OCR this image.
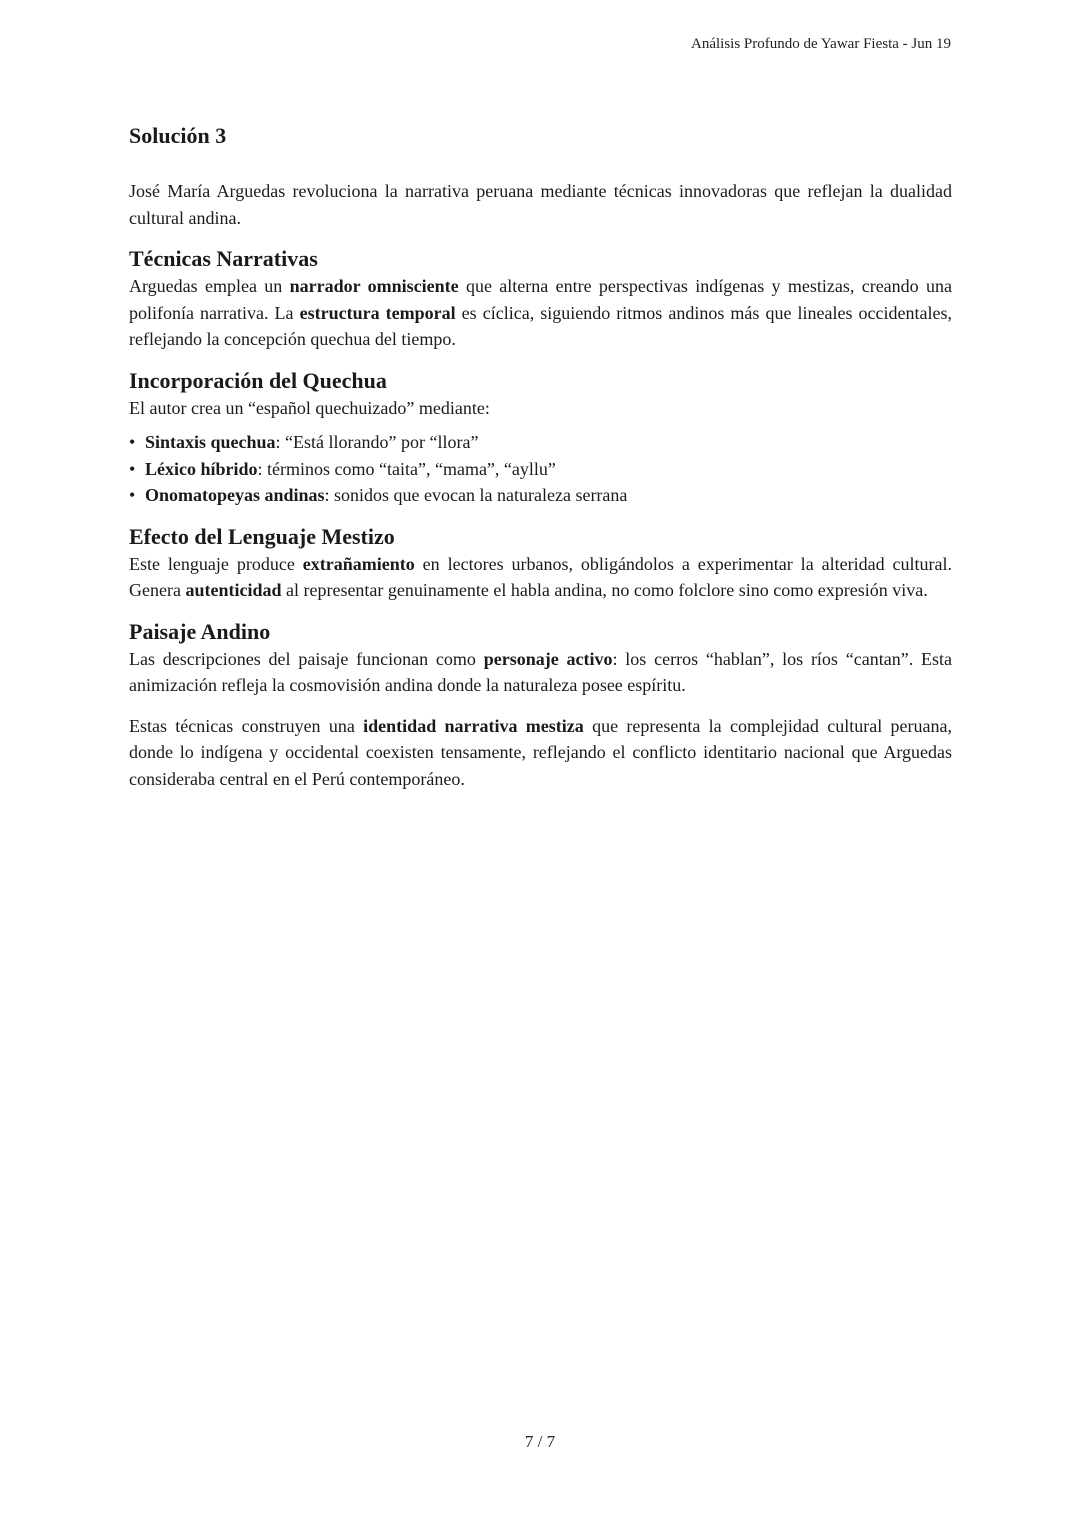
Análisis Profundo de Yawar Fiesta - Jun 19
Solución 3

José María Arguedas revoluciona la narrativa peruana mediante técnicas innovadoras que reflejan la dualidad cultural andina.

Técnicas Narrativas

Arguedas emplea un narrador omnisciente que alterna entre perspectivas indígenas y mestizas, creando una polifonía narrativa. La estructura temporal es cíclica, siguiendo ritmos andinos más que lineales occidentales, reflejando la concepción quechua del tiempo.

Incorporación del Quechua

El autor crea un “español quechuizado” mediante:

• Sintaxis quechua: “Está llorando” por “llora”
• Léxico híbrido: términos como “taita”, “mama”, “ayllu”
• Onomatopeyas andinas: sonidos que evocan la naturaleza serrana
Efecto del Lenguaje Mestizo

Este lenguaje produce extrañamiento en lectores urbanos, obligándolos a experimentar la alteridad cultural. Genera autenticidad al representar genuinamente el habla andina, no como folclore sino como expresión viva.

Paisaje Andino

Las descripciones del paisaje funcionan como personaje activo: los cerros “hablan”, los ríos “cantan”. Esta animización refleja la cosmovisión andina donde la naturaleza posee espíritu.

Estas técnicas construyen una identidad narrativa mestiza que representa la complejidad cultural peruana, donde lo indígena y occidental coexisten tensamente, reflejando el conflicto identitario nacional que Arguedas consideraba central en el Perú contemporáneo.

7 / 7
